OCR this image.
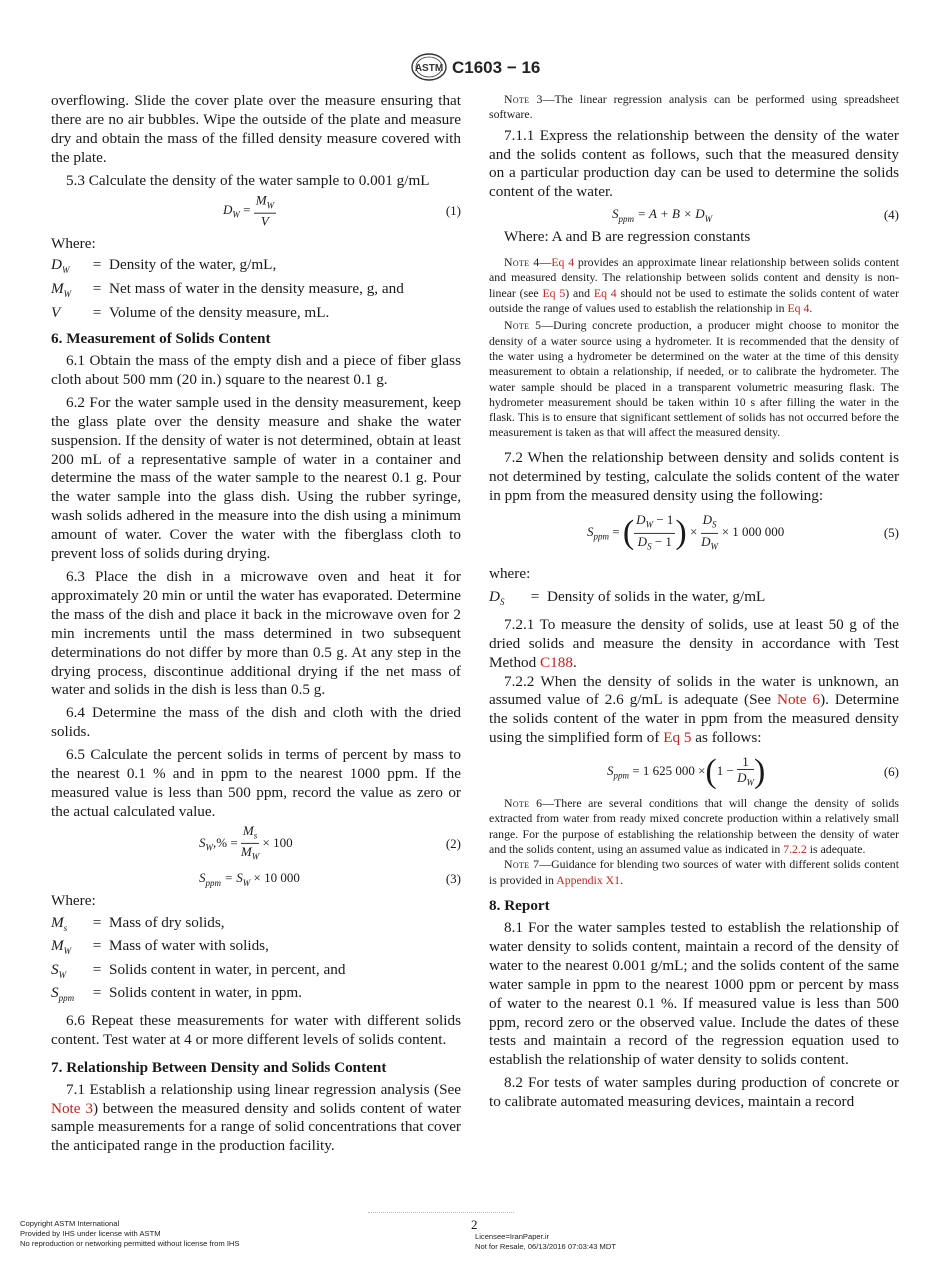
ASTM C1603 − 16

overflowing. Slide the cover plate over the measure ensuring that there are no air bubbles. Wipe the outside of the plate and measure dry and obtain the mass of the filled density measure covered with the plate.

5.3 Calculate the density of the water sample to 0.001 g/mL

$D_W = \frac{M_W}{V}$	(1)

Where:

$D_W$	=	Density of the water, g/mL,
$M_W$	=	Net mass of water in the density measure, g, and
V	=	Volume of the density measure, mL.
6. Measurement of Solids Content

6.1 Obtain the mass of the empty dish and a piece of fiber glass cloth about 500 mm (20 in.) square to the nearest 0.1 g.

6.2 For the water sample used in the density measurement, keep the glass plate over the density measure and shake the water suspension. If the density of water is not determined, obtain at least 200 mL of a representative sample of water in a container and determine the mass of the water sample to the nearest 0.1 g. Pour the water sample into the glass dish. Using the rubber syringe, wash solids adhered in the measure into the dish using a minimum amount of water. Cover the water with the fiberglass cloth to prevent loss of solids during drying.

6.3 Place the dish in a microwave oven and heat it for approximately 20 min or until the water has evaporated. Determine the mass of the dish and place it back in the microwave oven for 2 min increments until the mass determined in two subsequent determinations do not differ by more than 0.5 g. At any step in the drying process, discontinue additional drying if the net mass of water and solids in the dish is less than 0.5 g.

6.4 Determine the mass of the dish and cloth with the dried solids.

6.5 Calculate the percent solids in terms of percent by mass to the nearest 0.1 % and in ppm to the nearest 1000 ppm. If the measured value is less than 500 ppm, record the value as zero or the actual calculated value.

$S_W,\% = \frac{M_s}{M_W} \times 100$	(2)
$S_{ppm} = S_W \times 10$ 000	(3)

Where:

$M_s$	=	Mass of dry solids,
$M_W$	=	Mass of water with solids,
$S_W$	=	Solids content in water, in percent, and
$S_{ppm}$	=	Solids content in water, in ppm.

6.6 Repeat these measurements for water with different solids content. Test water at 4 or more different levels of solids content.

7. Relationship Between Density and Solids Content

7.1 Establish a relationship using linear regression analysis (See Note 3) between the measured density and solids content of water sample measurements for a range of solid concentrations that cover the anticipated range in the production facility.

Note 3—The linear regression analysis can be performed using spreadsheet software.

7.1.1 Express the relationship between the density of the water and the solids content as follows, such that the measured density on a particular production day can be used to determine the solids content of the water.

$S_{ppm} = A + B \times D_W$	(4)

Where: A and B are regression constants

Note 4—Eq 4 provides an approximate linear relationship between solids content and measured density. The relationship between solids content and density is non-linear (see Eq 5) and Eq 4 should not be used to estimate the solids content of water outside the range of values used to establish the relationship in Eq 4.

Note 5—During concrete production, a producer might choose to monitor the density of a water source using a hydrometer. It is recommended that the density of the water using a hydrometer be determined on the water at the time of this density measurement to obtain a relationship, if needed, or to calibrate the hydrometer. The water sample should be placed in a transparent volumetric measuring flask. The hydrometer measurement should be taken within 10 s after filling the water in the flask. This is to ensure that significant settlement of solids has not occurred before the measurement is taken as that will affect the measured density.

7.2 When the relationship between density and solids content is not determined by testing, calculate the solids content of the water in ppm from the measured density using the following:

$S_{ppm}$ = ( $\frac{D_W - 1}{D_S - 1}$ ) × $\frac{D_S}{D_W} \times 1$ 000 000	(5)

where:

$D_S$	=	Density of solids in the water, g/mL

7.2.1 To measure the density of solids, use at least 50 g of the dried solids and measure the density in accordance with Test Method C188.

7.2.2 When the density of solids in the water is unknown, an assumed value of 2.6 g/mL is adequate (See Note 6). Determine the solids content of the water in ppm from the measured density using the simplified form of Eq 5 as follows:

$S_{ppm} = 1$ 625 $000 \times(1 - \frac{1}{D_W}$ )	(6)

Note 6—There are several conditions that will change the density of solids extracted from water from ready mixed concrete production within a relatively small range. For the purpose of establishing the relationship between the density of water and the solids content, using an assumed value as indicated in 7.2.2 is adequate.

Note 7—Guidance for blending two sources of water with different solids content is provided in Appendix X1.

8. Report

8.1 For the water samples tested to establish the relationship of water density to solids content, maintain a record of the density of water to the nearest 0.001 g/mL; and the solids content of the same water sample in ppm to the nearest 1000 ppm or percent by mass of water to the nearest 0.1 %. If measured value is less than 500 ppm, record zero or the observed value. Include the dates of these tests and maintain a record of the regression equation used to establish the relationship of water density to solids content.

8.2 For tests of water samples during production of concrete or to calibrate automated measuring devices, maintain a record

Copyright ASTM International
Provided by IHS under license with ASTM
No reproduction or networking permitted without license from IHS
2
Licensee=IranPaper.ir
Not for Resale, 06/13/2016 07:03:43 MDT
